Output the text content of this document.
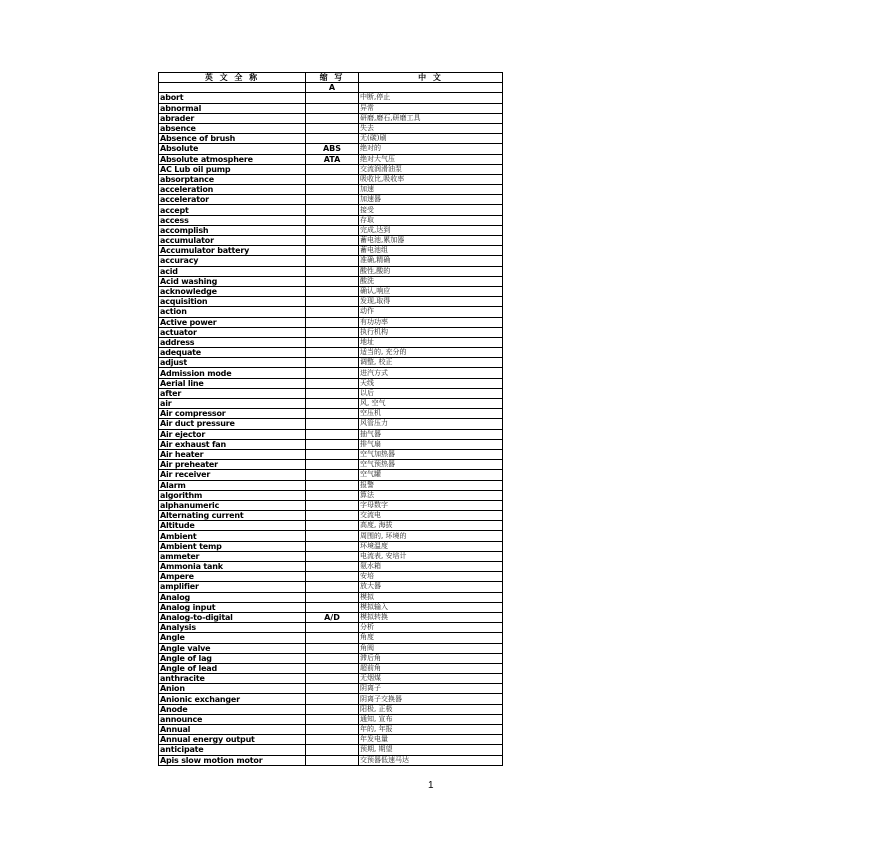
英 文 全 称	缩 写	中 文
	A	
abort		中断,停止
abnormal		异常
abrader		研磨,磨石,研磨工具
absence		失去
Absence of brush		无(碳)刷
Absolute	ABS	绝对的
Absolute atmosphere	ATA	绝对大气压
AC Lub oil pump		交流润滑油泵
absorptance		吸收比,吸收率
acceleration		加速
accelerator		加速器
accept		接受
access		存取
accomplish		完成,达到
accumulator		蓄电池,累加器
Accumulator battery		蓄电池组
accuracy		准确,精确
acid		酸性,酸的
Acid washing		酸洗
acknowledge		确认,响应
acquisition		发现,取得
action		动作
Active power		有功功率
actuator		执行机构
address		地址
adequate		适当的, 充分的
adjust		调整, 校正
Admission mode		进汽方式
Aerial line		天线
after		以后
air		风, 空气
Air compressor		空压机
Air duct pressure		风管压力
Air ejector		抽气器
Air exhaust fan		排气扇
Air heater		空气加热器
Air preheater		空气预热器
Air receiver		空气罐
Alarm		报警
algorithm		算法
alphanumeric		字母数字
Alternating current		交流电
Altitude		高度, 海拔
Ambient		周围的, 环境的
Ambient temp		环境温度
ammeter		电流表, 安培计
Ammonia tank		氨水箱
Ampere		安培
amplifier		放大器
Analog		模拟
Analog input		模拟输入
Analog-to-digital	A/D	模拟转换
Analysis		分析
Angle		角度
Angle valve		角阀
Angle of lag		滞后角
Angle of lead		超前角
anthracite		无烟煤
Anion		阴离子
Anionic exchanger		阴离子交换器
Anode		阳极, 正极
announce		通知, 宣布
Annual		年的, 年报
Annual energy output		年发电量
anticipate		预期, 期望
Apis slow motion motor		交预器低速马达
1
